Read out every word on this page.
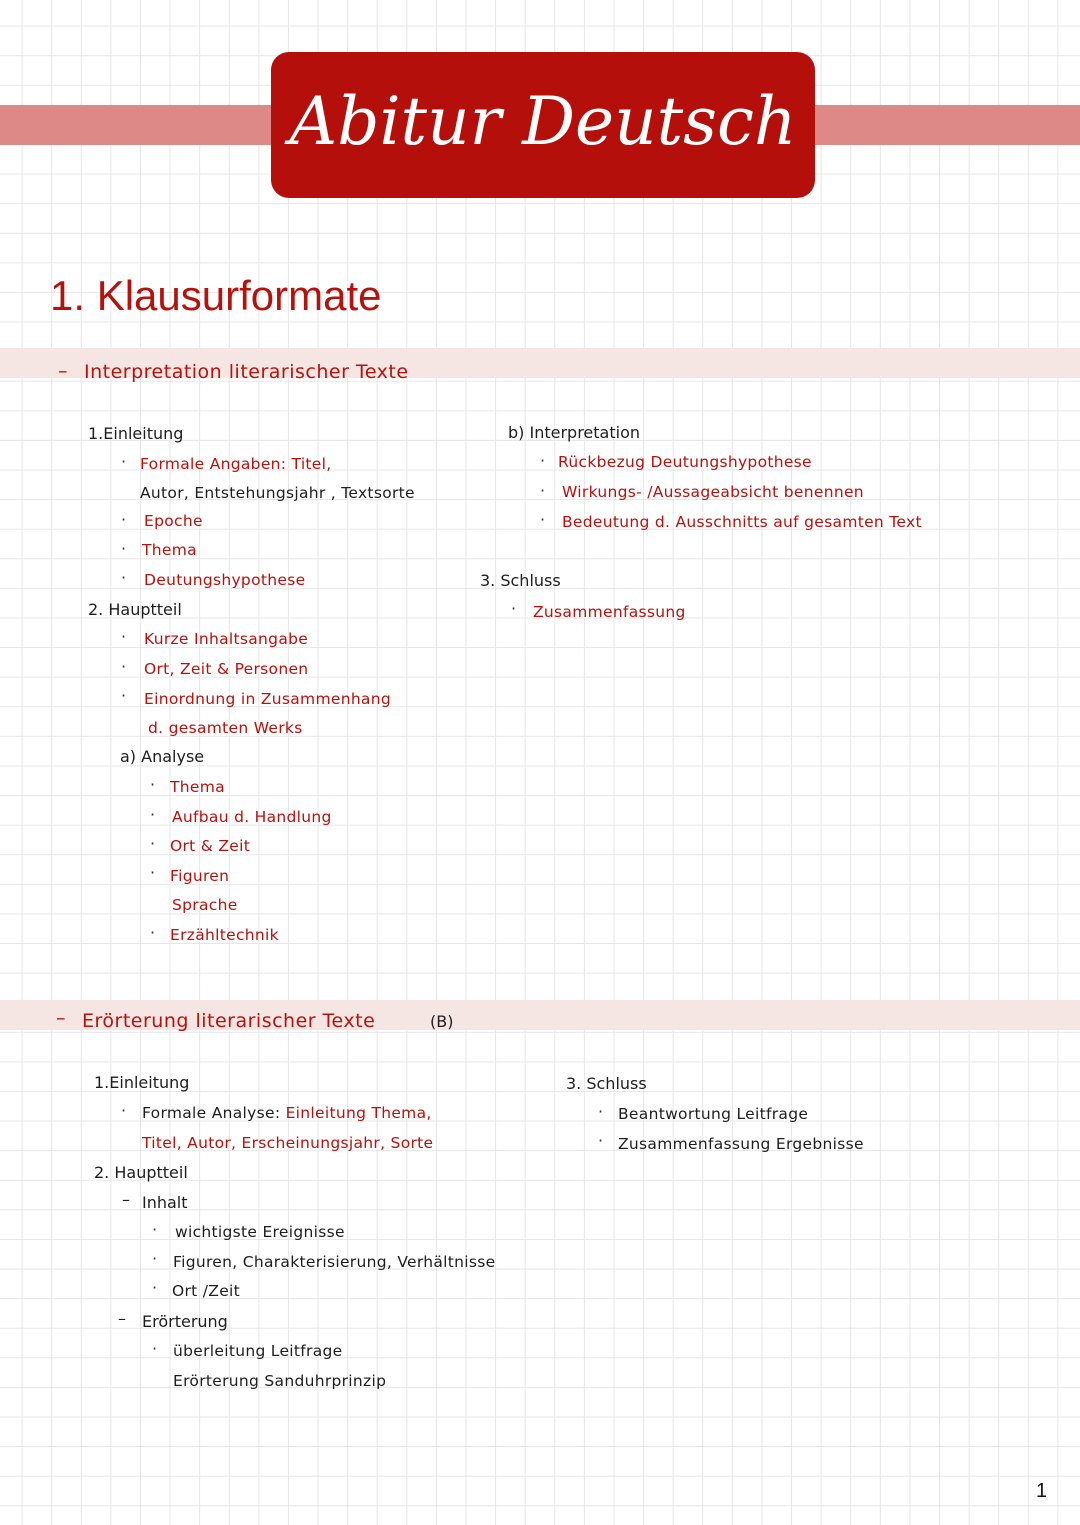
Abitur Deutsch
1. Klausurformate
– Interpretation literarischer Texte
1.Einleitung
· Formale Angaben: Titel,
Autor, Entstehungsjahr , Textsorte
· Epoche
· Thema
· Deutungshypothese
2. Hauptteil
· Kurze Inhaltsangabe
· Ort, Zeit & Personen
· Einordnung in Zusammenhang
d. gesamten Werks
a) Analyse
· Thema
· Aufbau d. Handlung
· Ort & Zeit
· Figuren
Sprache
· Erzähltechnik
b) Interpretation
· Rückbezug Deutungshypothese
· Wirkungs- /Aussageabsicht benennen
· Bedeutung d. Ausschnitts auf gesamten Text
3. Schluss
· Zusammenfassung
– Erörterung literarischer Texte	(B)
1.Einleitung
· Formale Analyse: Einleitung Thema,
Titel, Autor, Erscheinungsjahr, Sorte
2. Hauptteil
– Inhalt
· wichtigste Ereignisse
· Figuren, Charakterisierung, Verhältnisse
· Ort /Zeit
– Erörterung
· überleitung Leitfrage
Erörterung Sanduhrprinzip
3. Schluss
· Beantwortung Leitfrage
· Zusammenfassung Ergebnisse
1
